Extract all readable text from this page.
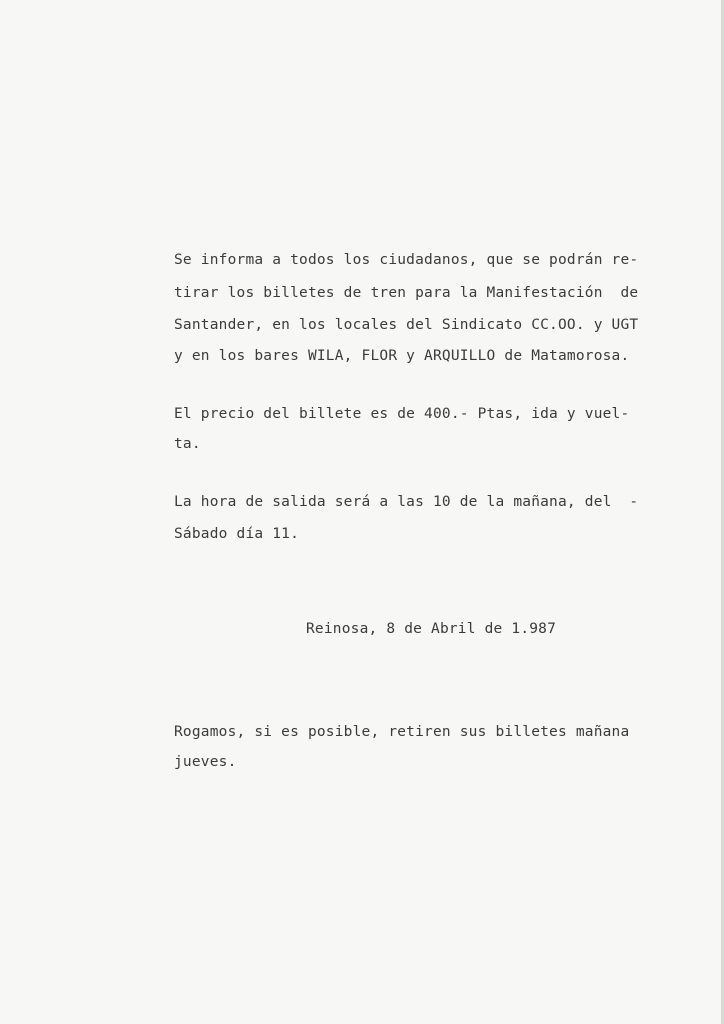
Se informa a todos los ciudadanos, que se podrán re-
tirar los billetes de tren para la Manifestación  de
Santander, en los locales del Sindicato CC.OO. y UGT
y en los bares WILA, FLOR y ARQUILLO de Matamorosa.
El precio del billete es de 400.- Ptas, ida y vuel-
ta.
La hora de salida será a las 10 de la mañana, del  -
Sábado día 11.
Reinosa, 8 de Abril de 1.987
Rogamos, si es posible, retiren sus billetes mañana
jueves.
